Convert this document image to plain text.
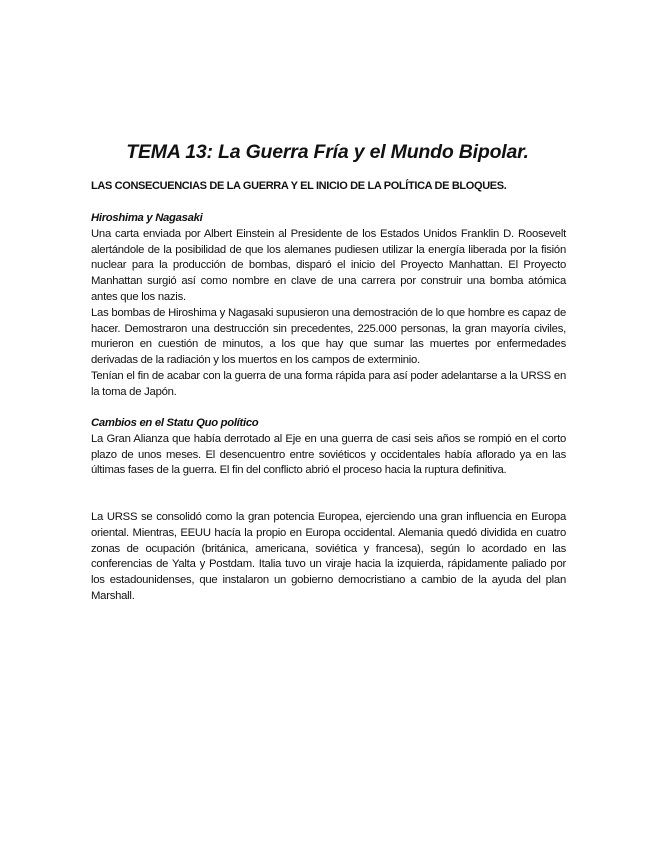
TEMA 13: La Guerra Fría y el Mundo Bipolar.
LAS CONSECUENCIAS DE LA GUERRA Y EL INICIO DE LA POLÍTICA DE BLOQUES.
Hiroshima y Nagasaki

Una carta enviada por Albert Einstein al Presidente de los Estados Unidos Franklin D. Roosevelt alertándole de la posibilidad de que los alemanes pudiesen utilizar la energía liberada por la fisión nuclear para la producción de bombas, disparó el inicio del Proyecto Manhattan. El Proyecto Manhattan surgió así como nombre en clave de una carrera por construir una bomba atómica antes que los nazis.

Las bombas de Hiroshima y Nagasaki supusieron una demostración de lo que hombre es capaz de hacer. Demostraron una destrucción sin precedentes, 225.000 personas, la gran mayoría civiles, murieron en cuestión de minutos, a los que hay que sumar las muertes por enfermedades derivadas de la radiación y los muertos en los campos de exterminio.

Tenían el fin de acabar con la guerra de una forma rápida para así poder adelantarse a la URSS en la toma de Japón.

Cambios en el Statu Quo político

La Gran Alianza que había derrotado al Eje en una guerra de casi seis años se rompió en el corto plazo de unos meses. El desencuentro entre soviéticos y occidentales había aflorado ya en las últimas fases de la guerra. El fin del conflicto abrió el proceso hacia la ruptura definitiva.

La URSS se consolidó como la gran potencia Europea, ejerciendo una gran influencia en Europa oriental. Mientras, EEUU hacía la propio en Europa occidental. Alemania quedó dividida en cuatro zonas de ocupación (británica, americana, soviética y francesa), según lo acordado en las conferencias de Yalta y Postdam. Italia tuvo un viraje hacia la izquierda, rápidamente paliado por los estadounidenses, que instalaron un gobierno democristiano a cambio de la ayuda del plan Marshall.
